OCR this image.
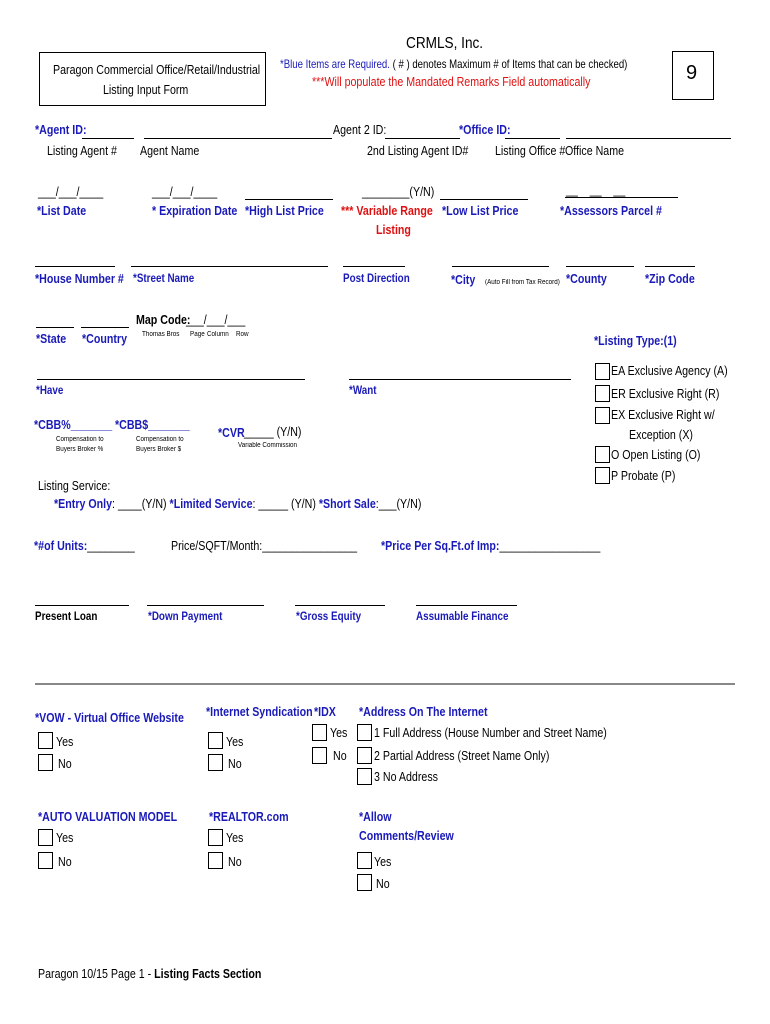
Paragon Commercial Office/Retail/Industrial
Listing Input Form
CRMLS, Inc.
*Blue Items are Required. ( # ) denotes Maximum # of Items that can be checked)
***Will populate the Mandated Remarks Field automatically	9
*Agent ID:	Agent 2 ID:	*Office ID:
Listing Agent # Agent Name	2nd Listing Agent ID# Listing Office # Office Name
___/___/____	___/___/____	________(Y/N)	__    __    __
*List Date	* Expiration Date *High List Price *** Variable Range
Listing
*Low List Price	*Assessors Parcel #
*House Number # *Street Name	Post Direction	*City (Auto Fill from Tax Record) *County	*Zip Code
Map Code:
___/___/___
Thomas Bros Page Column Row
*State *Country	*Listing Type:(1)
EA Exclusive Agency (A)
ER Exclusive Right (R)
EX Exclusive Right w/
Exception (X)
O Open Listing (O)
P Probate (P)
*Have	*Want
*CBB%_______ *CBB$_______
Compensation to
Buyers Broker %
Compensation to
Buyers Broker $
*CVR _____ (Y/N)
Variable Commission
Listing Service:
*Entry Only: ____(Y/N) *Limited Service: _____ (Y/N) *Short Sale:___(Y/N)
*#of Units:________	Price/SQFT/Month:________________ *Price Per Sq.Ft.of Imp:_________________
Present Loan	*Down Payment	*Gross Equity	Assumable Finance
*VOW - Virtual Office Website
Yes
No
*Internet Syndication
Yes
No
*IDX
Yes
No
*Address On The Internet
1 Full Address (House Number and Street Name)
2 Partial Address (Street Name Only)
3 No Address
*AUTO VALUATION MODEL
Yes
No
*REALTOR.com
Yes
No
*Allow
Comments/Review
Yes
No
Paragon 10/15 Page 1 - Listing Facts Section
